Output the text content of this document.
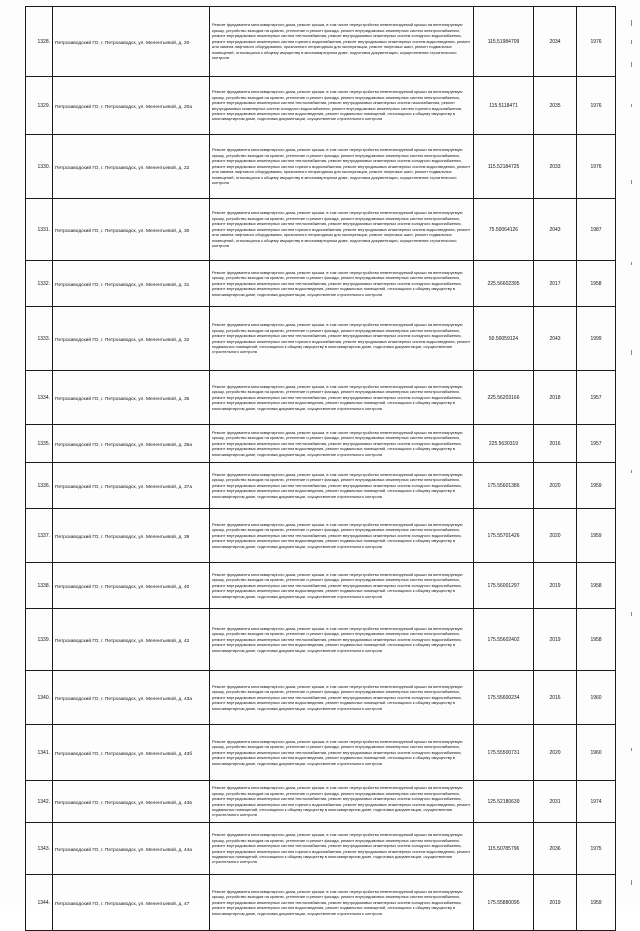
1328.	Петрозаводский ГО, г. Петрозаводск, ул. Мелентьевой, д. 20	Ремонт фундамента многоквартирного дома, ремонт крыши, в том числе переустройство невентилируемой крыши на вентилируемую крышу, устройство выходов на кровлю, утепление и ремонт фасада, ремонт внутридомовых инженерных систем электроснабжения, ремонт внутридомовых инженерных систем теплоснабжения, ремонт внутридомовых инженерных систем холодного водоснабжения, ремонт внутридомовых инженерных систем горячего водоснабжения, ремонт внутридомовых инженерных систем водоотведения, ремонт или замена лифтового оборудования, признанного непригодным для эксплуатации, ремонт лифтовых шахт, ремонт подвальных помещений, относящихся к общему имуществу в многоквартирном доме, подготовка документации, осуществление строительного контроля	115.51984709	2034	1976
1329.	Петрозаводский ГО, г. Петрозаводск, ул. Мелентьевой, д. 20а	Ремонт фундамента многоквартирного дома, ремонт крыши, в том числе переустройство невентилируемой крыши на вентилируемую крышу, устройство выходов на кровлю, утепление и ремонт фасада, ремонт внутридомовых инженерных систем электроснабжения, ремонт внутридомовых инженерных систем теплоснабжения, ремонт внутридомовых инженерных систем газоснабжения, ремонт внутридомовых инженерных систем холодного водоснабжения, ремонт внутридомовых инженерных систем горячего водоснабжения, ремонт внутридомовых инженерных систем водоотведения, ремонт подвальных помещений, относящихся к общему имуществу в многоквартирном доме, подготовка документации, осуществление строительного контроля	115.5118471	2035	1976
1330.	Петрозаводский ГО, г. Петрозаводск, ул. Мелентьевой, д. 22	Ремонт фундамента многоквартирного дома, ремонт крыши, в том числе переустройство невентилируемой крыши на вентилируемую крышу, устройство выходов на кровлю, утепление и ремонт фасада, ремонт внутридомовых инженерных систем электроснабжения, ремонт внутридомовых инженерных систем теплоснабжения, ремонт внутридомовых инженерных систем холодного водоснабжения, ремонт внутридомовых инженерных систем горячего водоснабжения, ремонт внутридомовых инженерных систем водоотведения, ремонт или замена лифтового оборудования, признанного непригодным для эксплуатации, ремонт лифтовых шахт, ремонт подвальных помещений, относящихся к общему имуществу в многоквартирном доме, подготовка документации, осуществление строительного контроля	115.52184725	2033	1976
1331.	Петрозаводский ГО, г. Петрозаводск, ул. Мелентьевой, д. 30	Ремонт фундамента многоквартирного дома, ремонт крыши, в том числе переустройство невентилируемой крыши на вентилируемую крышу, устройство выходов на кровлю, утепление и ремонт фасада, ремонт внутридомовых инженерных систем электроснабжения, ремонт внутридомовых инженерных систем теплоснабжения, ремонт внутридомовых инженерных систем холодного водоснабжения, ремонт внутридомовых инженерных систем горячего водоснабжения, ремонт внутридомовых инженерных систем водоотведения, ремонт или замена лифтового оборудования, признанного непригодным для эксплуатации, ремонт лифтовых шахт, ремонт подвальных помещений, относящихся к общему имуществу в многоквартирном доме, подготовка документации, осуществление строительного контроля	75.50064126	2043	1987
1332.	Петрозаводский ГО, г. Петрозаводск, ул. Мелентьевой, д. 31	Ремонт фундамента многоквартирного дома, ремонт крыши, в том числе переустройство невентилируемой крыши на вентилируемую крышу, устройство выходов на кровлю, утепление и ремонт фасада, ремонт внутридомовых инженерных систем электроснабжения, ремонт внутридомовых инженерных систем теплоснабжения, ремонт внутридомовых инженерных систем холодного водоснабжения, ремонт внутридомовых инженерных систем водоотведения, ремонт подвальных помещений, относящихся к общему имуществу в многоквартирном доме, подготовка документации, осуществление строительного контроля	225.56602395	2017	1958
1333.	Петрозаводский ГО, г. Петрозаводск, ул. Мелентьевой, д. 32	Ремонт фундамента многоквартирного дома, ремонт крыши, в том числе переустройство невентилируемой крыши на вентилируемую крышу, устройство выходов на кровлю, утепление и ремонт фасада, ремонт внутридомовых инженерных систем электроснабжения, ремонт внутридомовых инженерных систем теплоснабжения, ремонт внутридомовых инженерных систем холодного водоснабжения, ремонт внутридомовых инженерных систем горячего водоснабжения, ремонт внутридомовых инженерных систем водоотведения, ремонт подвальных помещений, относящихся к общему имуществу в многоквартирном доме, подготовка документации, осуществление строительного контроля	50.50059124	2043	1999
1334.	Петрозаводский ГО, г. Петрозаводск, ул. Мелентьевой, д. 35	Ремонт фундамента многоквартирного дома, ремонт крыши, в том числе переустройство невентилируемой крыши на вентилируемую крышу, устройство выходов на кровлю, утепление и ремонт фасада, ремонт внутридомовых инженерных систем электроснабжения, ремонт внутридомовых инженерных систем теплоснабжения, ремонт внутридомовых инженерных систем холодного водоснабжения, ремонт внутридомовых инженерных систем водоотведения, ремонт подвальных помещений, относящихся к общему имуществу в многоквартирном доме, подготовка документации, осуществление строительного контроля	225.56203166	2018	1957
1335.	Петрозаводский ГО, г. Петрозаводск, ул. Мелентьевой, д. 35а	Ремонт фундамента многоквартирного дома, ремонт крыши, в том числе переустройство невентилируемой крыши на вентилируемую крышу, устройство выходов на кровлю, утепление и ремонт фасада, ремонт внутридомовых инженерных систем электроснабжения, ремонт внутридомовых инженерных систем теплоснабжения, ремонт внутридомовых инженерных систем холодного водоснабжения, ремонт внутридомовых инженерных систем водоотведения, ремонт подвальных помещений, относящихся к общему имуществу в многоквартирном доме, подготовка документации, осуществление строительного контроля	225.5630319	2016	1957
1336.	Петрозаводский ГО, г. Петрозаводск, ул. Мелентьевой, д. 37а	Ремонт фундамента многоквартирного дома, ремонт крыши, в том числе переустройство невентилируемой крыши на вентилируемую крышу, устройство выходов на кровлю, утепление и ремонт фасада, ремонт внутридомовых инженерных систем электроснабжения, ремонт внутридомовых инженерных систем теплоснабжения, ремонт внутридомовых инженерных систем холодного водоснабжения, ремонт внутридомовых инженерных систем водоотведения, ремонт подвальных помещений, относящихся к общему имуществу в многоквартирном доме, подготовка документации, осуществление строительного контроля	175.55601386	2020	1959
1337.	Петрозаводский ГО, г. Петрозаводск, ул. Мелентьевой, д. 39	Ремонт фундамента многоквартирного дома, ремонт крыши, в том числе переустройство невентилируемой крыши на вентилируемую крышу, устройство выходов на кровлю, утепление и ремонт фасада, ремонт внутридомовых инженерных систем электроснабжения, ремонт внутридомовых инженерных систем теплоснабжения, ремонт внутридомовых инженерных систем холодного водоснабжения, ремонт внутридомовых инженерных систем водоотведения, ремонт подвальных помещений, относящихся к общему имуществу в многоквартирном доме, подготовка документации, осуществление строительного контроля	175.55701426	2020	1959
1338.	Петрозаводский ГО, г. Петрозаводск, ул. Мелентьевой, д. 40	Ремонт фундамента многоквартирного дома, ремонт крыши, в том числе переустройство невентилируемой крыши на вентилируемую крышу, устройство выходов на кровлю, утепление и ремонт фасада, ремонт внутридомовых инженерных систем электроснабжения, ремонт внутридомовых инженерных систем теплоснабжения, ремонт внутридомовых инженерных систем холодного водоснабжения, ремонт внутридомовых инженерных систем водоотведения, ремонт подвальных помещений, относящихся к общему имуществу в многоквартирном доме, подготовка документации, осуществление строительного контроля	175.56001297	2019	1958
1339.	Петрозаводский ГО, г. Петрозаводск, ул. Мелентьевой, д. 42	Ремонт фундамента многоквартирного дома, ремонт крыши, в том числе переустройство невентилируемой крыши на вентилируемую крышу, устройство выходов на кровлю, утепление и ремонт фасада, ремонт внутридомовых инженерных систем электроснабжения, ремонт внутридомовых инженерных систем теплоснабжения, ремонт внутридомовых инженерных систем холодного водоснабжения, ремонт внутридомовых инженерных систем водоотведения, ремонт подвальных помещений, относящихся к общему имуществу в многоквартирном доме, подготовка документации, осуществление строительного контроля	175.55602402	2019	1958
1340.	Петрозаводский ГО, г. Петрозаводск, ул. Мелентьевой, д. 43а	Ремонт фундамента многоквартирного дома, ремонт крыши, в том числе переустройство невентилируемой крыши на вентилируемую крышу, устройство выходов на кровлю, утепление и ремонт фасада, ремонт внутридомовых инженерных систем электроснабжения, ремонт внутридомовых инженерных систем теплоснабжения, ремонт внутридомовых инженерных систем холодного водоснабжения, ремонт внутридомовых инженерных систем водоотведения, ремонт подвальных помещений, относящихся к общему имуществу в многоквартирном доме, подготовка документации, осуществление строительного контроля	175.55600234	2016	1960
1341.	Петрозаводский ГО, г. Петрозаводск, ул. Мелентьевой, д. 43б	Ремонт фундамента многоквартирного дома, ремонт крыши, в том числе переустройство невентилируемой крыши на вентилируемую крышу, устройство выходов на кровлю, утепление и ремонт фасада, ремонт внутридомовых инженерных систем электроснабжения, ремонт внутридомовых инженерных систем теплоснабжения, ремонт внутридомовых инженерных систем холодного водоснабжения, ремонт внутридомовых инженерных систем водоотведения, ремонт подвальных помещений, относящихся к общему имуществу в многоквартирном доме, подготовка документации, осуществление строительного контроля	175.55500731	2020	1960
1342.	Петрозаводский ГО, г. Петрозаводск, ул. Мелентьевой, д. 43в	Ремонт фундамента многоквартирного дома, ремонт крыши, в том числе переустройство невентилируемой крыши на вентилируемую крышу, устройство выходов на кровлю, утепление и ремонт фасада, ремонт внутридомовых инженерных систем электроснабжения, ремонт внутридомовых инженерных систем теплоснабжения, ремонт внутридомовых инженерных систем холодного водоснабжения, ремонт внутридомовых инженерных систем горячего водоснабжения, ремонт внутридомовых инженерных систем водоотведения, ремонт подвальных помещений, относящихся к общему имуществу в многоквартирном доме, подготовка документации, осуществление строительного контроля	125.52180639	2031	1974
1343.	Петрозаводский ГО, г. Петрозаводск, ул. Мелентьевой, д. 44а	Ремонт фундамента многоквартирного дома, ремонт крыши, в том числе переустройство невентилируемой крыши на вентилируемую крышу, устройство выходов на кровлю, утепление и ремонт фасада, ремонт внутридомовых инженерных систем электроснабжения, ремонт внутридомовых инженерных систем теплоснабжения, ремонт внутридомовых инженерных систем холодного водоснабжения, ремонт внутридомовых инженерных систем горячего водоснабжения, ремонт внутридомовых инженерных систем водоотведения, ремонт подвальных помещений, относящихся к общему имуществу в многоквартирном доме, подготовка документации, осуществление строительного контроля	115.50785796	2036	1975
1344.	Петрозаводский ГО, г. Петрозаводск, ул. Мелентьевой, д. 47	Ремонт фундамента многоквартирного дома, ремонт крыши, в том числе переустройство невентилируемой крыши на вентилируемую крышу, устройство выходов на кровлю, утепление и ремонт фасада, ремонт внутридомовых инженерных систем электроснабжения, ремонт внутридомовых инженерных систем теплоснабжения, ремонт внутридомовых инженерных систем холодного водоснабжения, ремонт внутридомовых инженерных систем водоотведения, ремонт подвальных помещений, относящихся к общему имуществу в многоквартирном доме, подготовка документации, осуществление строительного контроля	175.55880095	2019	1959
